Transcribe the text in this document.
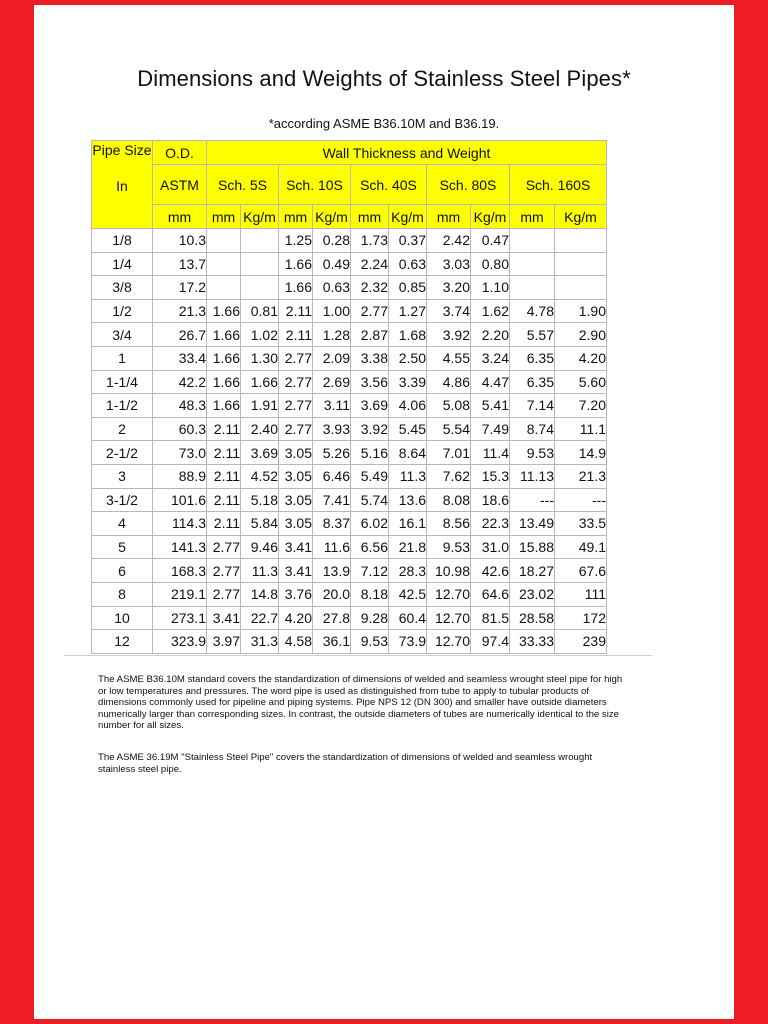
Dimensions and Weights of Stainless Steel Pipes*
*according ASME B36.10M and B36.19.
Pipe Size

In	O.D.	Wall Thickness and Weight									
	ASTM	Sch. 5S		Sch. 10S		Sch. 40S		Sch. 80S		Sch. 160S	
	mm	mm	Kg/m	mm	Kg/m	mm	Kg/m	mm	Kg/m	mm	Kg/m
1/8	10.3			1.25	0.28	1.73	0.37	2.42	0.47		
1/4	13.7			1.66	0.49	2.24	0.63	3.03	0.80		
3/8	17.2			1.66	0.63	2.32	0.85	3.20	1.10		
1/2	21.3	1.66	0.81	2.11	1.00	2.77	1.27	3.74	1.62	4.78	1.90
3/4	26.7	1.66	1.02	2.11	1.28	2.87	1.68	3.92	2.20	5.57	2.90
1	33.4	1.66	1.30	2.77	2.09	3.38	2.50	4.55	3.24	6.35	4.20
1-1/4	42.2	1.66	1.66	2.77	2.69	3.56	3.39	4.86	4.47	6.35	5.60
1-1/2	48.3	1.66	1.91	2.77	3.11	3.69	4.06	5.08	5.41	7.14	7.20
2	60.3	2.11	2.40	2.77	3.93	3.92	5.45	5.54	7.49	8.74	11.1
2-1/2	73.0	2.11	3.69	3.05	5.26	5.16	8.64	7.01	11.4	9.53	14.9
3	88.9	2.11	4.52	3.05	6.46	5.49	11.3	7.62	15.3	11.13	21.3
3-1/2	101.6	2.11	5.18	3.05	7.41	5.74	13.6	8.08	18.6	---	---
4	114.3	2.11	5.84	3.05	8.37	6.02	16.1	8.56	22.3	13.49	33.5
5	141.3	2.77	9.46	3.41	11.6	6.56	21.8	9.53	31.0	15.88	49.1
6	168.3	2.77	11.3	3.41	13.9	7.12	28.3	10.98	42.6	18.27	67.6
8	219.1	2.77	14.8	3.76	20.0	8.18	42.5	12.70	64.6	23.02	111
10	273.1	3.41	22.7	4.20	27.8	9.28	60.4	12.70	81.5	28.58	172
12	323.9	3.97	31.3	4.58	36.1	9.53	73.9	12.70	97.4	33.33	239
The ASME B36.10M standard covers the standardization of dimensions of welded and seamless wrought steel pipe for high or low temperatures and pressures. The word pipe is used as distinguished from tube to apply to tubular products of dimensions commonly used for pipeline and piping systems. Pipe NPS 12 (DN 300) and smaller have outside diameters numerically larger than corresponding sizes. In contrast, the outside diameters of tubes are numerically identical to the size number for all sizes.
The ASME 36.19M "Stainless Steel Pipe" covers the standardization of dimensions of welded and seamless wrought stainless steel pipe.
